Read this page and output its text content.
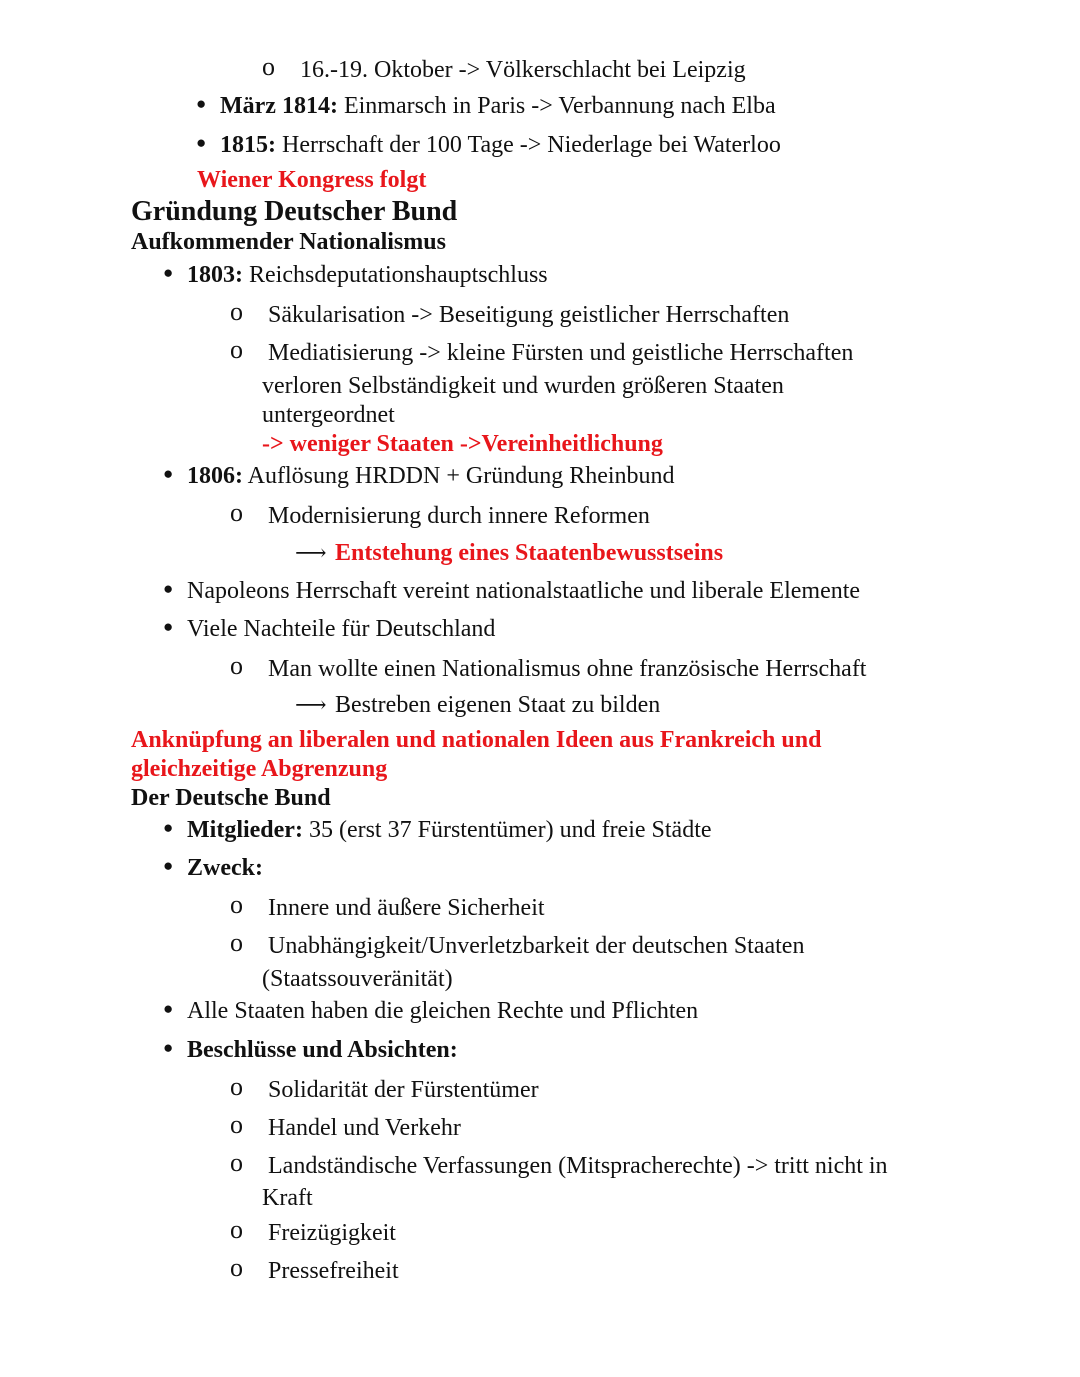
o 16.-19. Oktober -> Völkerschlacht bei Leipzig
● März 1814: Einmarsch in Paris -> Verbannung nach Elba
● 1815: Herrschaft der 100 Tage -> Niederlage bei Waterloo
Wiener Kongress folgt
Gründung Deutscher Bund
Aufkommender Nationalismus
● 1803: Reichsdeputationshauptschluss
o Säkularisation -> Beseitigung geistlicher Herrschaften
o Mediatisierung -> kleine Fürsten und geistliche Herrschaften
verloren Selbständigkeit und wurden größeren Staaten
untergeordnet
-> weniger Staaten ->Vereinheitlichung
● 1806: Auflösung HRDDN + Gründung Rheinbund
o Modernisierung durch innere Reformen
⟶ Entstehung eines Staatenbewusstseins
● Napoleons Herrschaft vereint nationalstaatliche und liberale Elemente
● Viele Nachteile für Deutschland
o Man wollte einen Nationalismus ohne französische Herrschaft
⟶ Bestreben eigenen Staat zu bilden
Anknüpfung an liberalen und nationalen Ideen aus Frankreich und
gleichzeitige Abgrenzung
Der Deutsche Bund
● Mitglieder: 35 (erst 37 Fürstentümer) und freie Städte
● Zweck:
o Innere und äußere Sicherheit
o Unabhängigkeit/Unverletzbarkeit der deutschen Staaten
(Staatssouveränität)
● Alle Staaten haben die gleichen Rechte und Pflichten
● Beschlüsse und Absichten:
o Solidarität der Fürstentümer
o Handel und Verkehr
o Landständische Verfassungen (Mitspracherechte) -> tritt nicht in
Kraft
o Freizügigkeit
o Pressefreiheit
